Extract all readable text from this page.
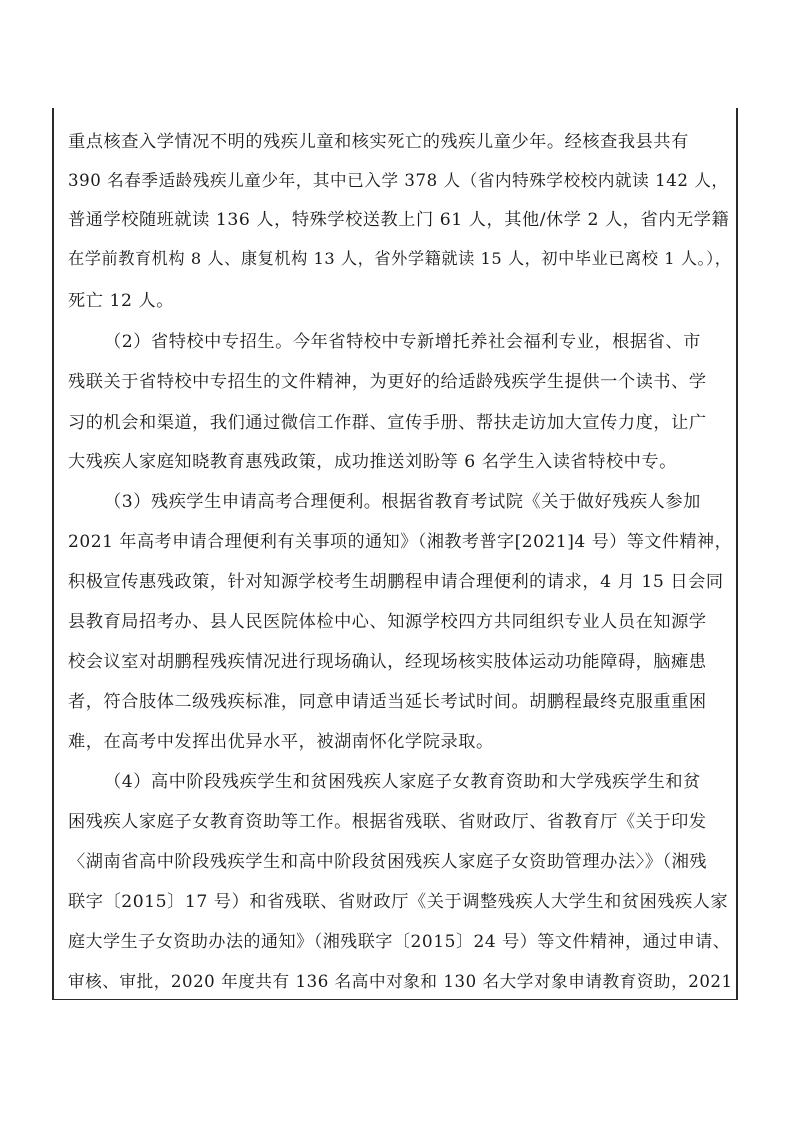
重点核查入学情况不明的残疾儿童和核实死亡的残疾儿童少年。经核查我县共有
390 名春季适龄残疾儿童少年，其中已入学 378 人（省内特殊学校校内就读 142 人，
普通学校随班就读 136 人，特殊学校送教上门 61 人，其他/休学 2 人，省内无学籍
在学前教育机构 8 人、康复机构 13 人，省外学籍就读 15 人，初中毕业已离校 1 人。），
死亡 12 人。
（2）省特校中专招生。今年省特校中专新增托养社会福利专业，根据省、市
残联关于省特校中专招生的文件精神，为更好的给适龄残疾学生提供一个读书、学
习的机会和渠道，我们通过微信工作群、宣传手册、帮扶走访加大宣传力度，让广
大残疾人家庭知晓教育惠残政策，成功推送刘盼等 6 名学生入读省特校中专。
（3）残疾学生申请高考合理便利。根据省教育考试院《关于做好残疾人参加
2021 年高考申请合理便利有关事项的通知》（湘教考普字[2021]4 号）等文件精神，
积极宣传惠残政策，针对知源学校考生胡鹏程申请合理便利的请求，4 月 15 日会同
县教育局招考办、县人民医院体检中心、知源学校四方共同组织专业人员在知源学
校会议室对胡鹏程残疾情况进行现场确认，经现场核实肢体运动功能障碍，脑瘫患
者，符合肢体二级残疾标准，同意申请适当延长考试时间。胡鹏程最终克服重重困
难，在高考中发挥出优异水平，被湖南怀化学院录取。
（4）高中阶段残疾学生和贫困残疾人家庭子女教育资助和大学残疾学生和贫
困残疾人家庭子女教育资助等工作。根据省残联、省财政厅、省教育厅《关于印发
〈湖南省高中阶段残疾学生和高中阶段贫困残疾人家庭子女资助管理办法〉》（湘残
联字〔2015〕17 号）和省残联、省财政厅《关于调整残疾人大学生和贫困残疾人家
庭大学生子女资助办法的通知》（湘残联字〔2015〕24 号）等文件精神，通过申请、
审核、审批，2020 年度共有 136 名高中对象和 130 名大学对象申请教育资助，2021
